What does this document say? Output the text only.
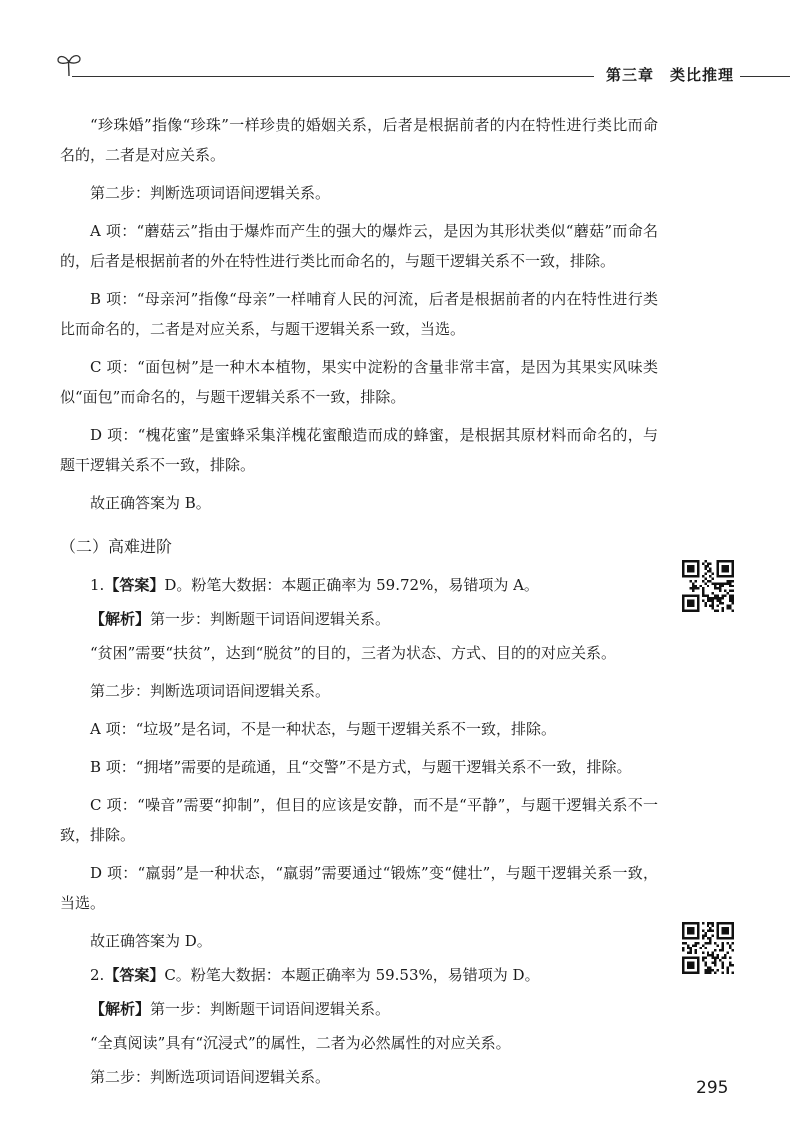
第三章 类比推理

“珍珠婚”指像“珍珠”一样珍贵的婚姻关系，后者是根据前者的内在特性进行类比而命名的，二者是对应关系。

第二步：判断选项词语间逻辑关系。

A 项：“蘑菇云”指由于爆炸而产生的强大的爆炸云，是因为其形状类似“蘑菇”而命名的，后者是根据前者的外在特性进行类比而命名的，与题干逻辑关系不一致，排除。

B 项：“母亲河”指像“母亲”一样哺育人民的河流，后者是根据前者的内在特性进行类比而命名的，二者是对应关系，与题干逻辑关系一致，当选。

C 项：“面包树”是一种木本植物，果实中淀粉的含量非常丰富，是因为其果实风味类似“面包”而命名的，与题干逻辑关系不一致，排除。

D 项：“槐花蜜”是蜜蜂采集洋槐花蜜酿造而成的蜂蜜，是根据其原材料而命名的，与题干逻辑关系不一致，排除。

故正确答案为 B。

（二）高难进阶

1.【答案】D。粉笔大数据：本题正确率为 59.72%，易错项为 A。

【解析】第一步：判断题干词语间逻辑关系。

“贫困”需要“扶贫”，达到“脱贫”的目的，三者为状态、方式、目的的对应关系。

第二步：判断选项词语间逻辑关系。

A 项：“垃圾”是名词，不是一种状态，与题干逻辑关系不一致，排除。

B 项：“拥堵”需要的是疏通，且“交警”不是方式，与题干逻辑关系不一致，排除。

C 项：“噪音”需要“抑制”，但目的应该是安静，而不是“平静”，与题干逻辑关系不一致，排除。

D 项：“羸弱”是一种状态，“羸弱”需要通过“锻炼”变“健壮”，与题干逻辑关系一致，当选。

故正确答案为 D。

2.【答案】C。粉笔大数据：本题正确率为 59.53%，易错项为 D。

【解析】第一步：判断题干词语间逻辑关系。

“全真阅读”具有“沉浸式”的属性，二者为必然属性的对应关系。

第二步：判断选项词语间逻辑关系。

295
